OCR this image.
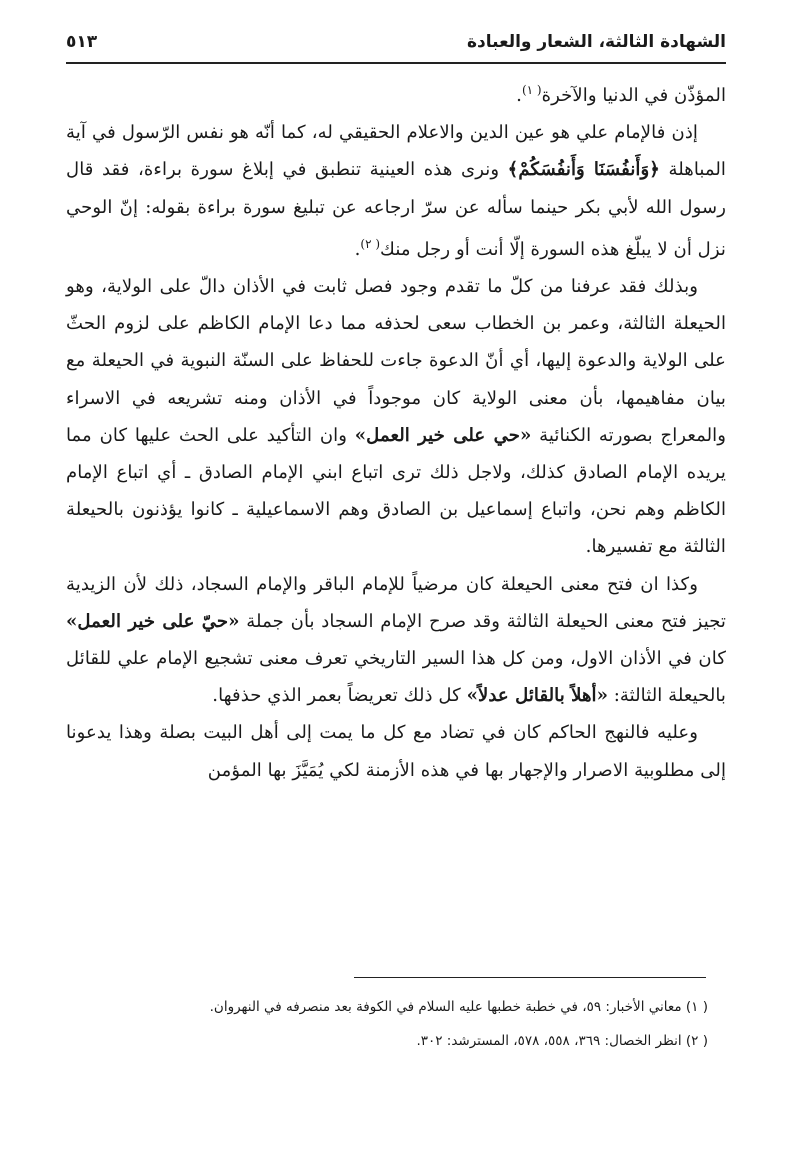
الشهادة الثالثة، الشعار والعبادة
٥١٣

المؤذّن في الدنيا والآخرة$^{( ١)}$.

إذن فالإمام علي هو عين الدين والاعلام الحقيقي له، كما أنّه هو نفس الرّسول في آية المباهلة ﴿وَأَنفُسَنَا وَأَنفُسَكُمْ﴾ ونرى هذه العينية تنطبق في إبلاغ سورة براءة، فقد قال رسول الله لأبي بكر حينما سأله عن سرّ ارجاعه عن تبليغ سورة براءة بقوله: إنّ الوحي نزل أن لا يبلّغ هذه السورة إلّا أنت أو رجل منك$^{( ٢)}$.

وبذلك فقد عرفنا من كلّ ما تقدم وجود فصل ثابت في الأذان دالّ على الولاية، وهو الحيعلة الثالثة، وعمر بن الخطاب سعى لحذفه مما دعا الإمام الكاظم على لزوم الحثّ على الولاية والدعوة إليها، أي أنّ الدعوة جاءت للحفاظ على السنّة النبوية في الحيعلة مع بيان مفاهيمها، بأن معنى الولاية كان موجوداً في الأذان ومنه تشريعه في الاسراء والمعراج بصورته الكنائية «حي على خير العمل» وان التأكيد على الحث عليها كان مما يريده الإمام الصادق كذلك، ولاجل ذلك ترى اتباع ابني الإمام الصادق ـ أي اتباع الإمام الكاظم وهم نحن، واتباع إسماعيل بن الصادق وهم الاسماعيلية ـ كانوا يؤذنون بالحيعلة الثالثة مع تفسيرها.

وكذا ان فتح معنى الحيعلة كان مرضياً للإمام الباقر والإمام السجاد، ذلك لأن الزيدية تجيز فتح معنى الحيعلة الثالثة وقد صرح الإمام السجاد بأن جملة «حيّ على خير العمل» كان في الأذان الاول، ومن كل هذا السير التاريخي تعرف معنى تشجيع الإمام علي للقائل بالحيعلة الثالثة: «أهلاً بالقائل عدلاً» كل ذلك تعريضاً بعمر الذي حذفها.

وعليه فالنهج الحاكم كان في تضاد مع كل ما يمت إلى أهل البيت بصلة وهذا يدعونا إلى مطلوبية الاصرار والإجهار بها في هذه الأزمنة لكي يُمَيَّزَ بها المؤمن

( ١) معاني الأخبار: ٥٩، في خطبة خطبها عليه السلام في الكوفة بعد منصرفه في النهروان.

( ٢) انظر الخصال: ٣٦٩، ٥٥٨، ٥٧٨، المسترشد: ٣٠٢.
